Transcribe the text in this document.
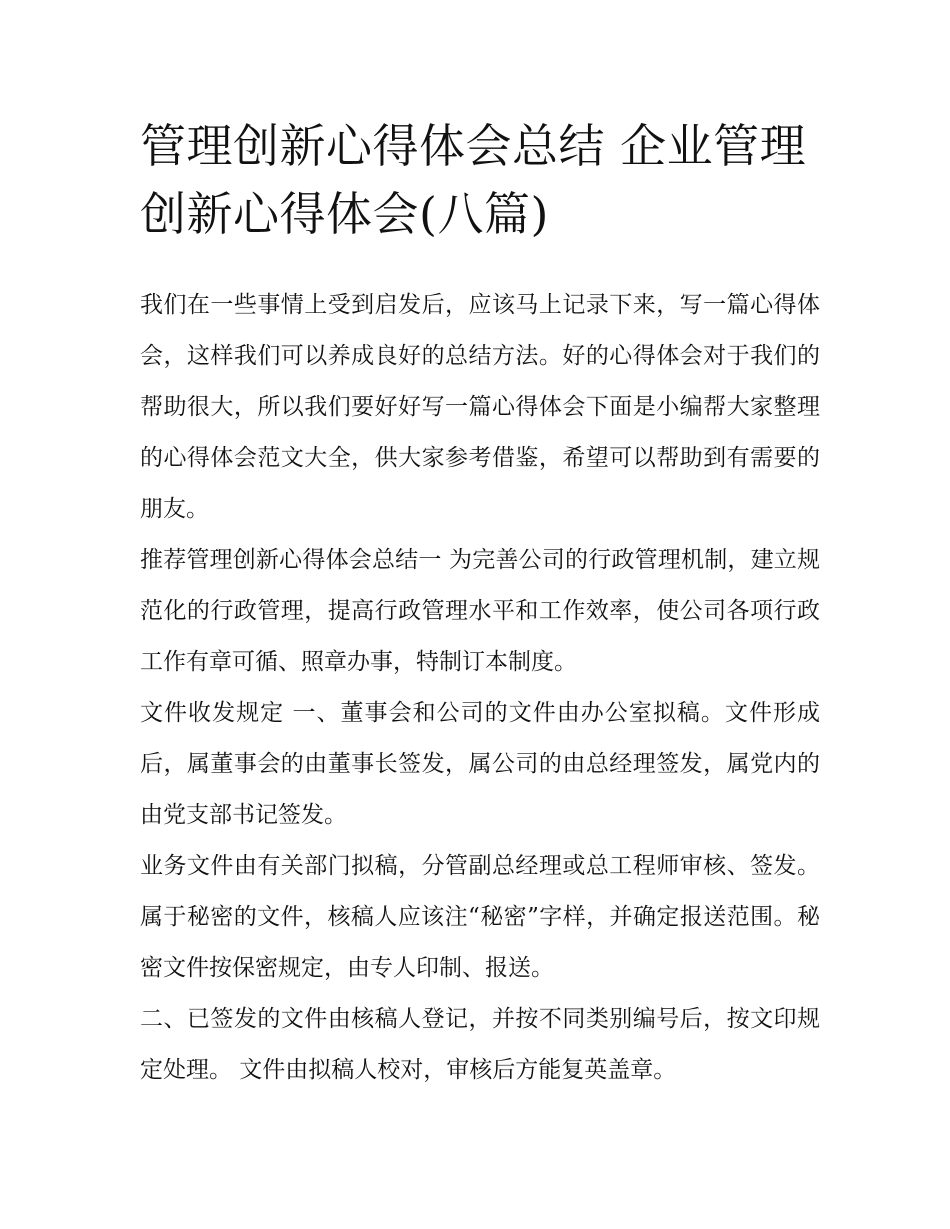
管理创新心得体会总结 企业管理创新心得体会(八篇)

我们在一些事情上受到启发后，应该马上记录下来，写一篇心得体会，这样我们可以养成良好的总结方法。好的心得体会对于我们的帮助很大，所以我们要好好写一篇心得体会下面是小编帮大家整理的心得体会范文大全，供大家参考借鉴，希望可以帮助到有需要的朋友。

推荐管理创新心得体会总结一 为完善公司的行政管理机制，建立规范化的行政管理，提高行政管理水平和工作效率，使公司各项行政工作有章可循、照章办事，特制订本制度。

文件收发规定 一、董事会和公司的文件由办公室拟稿。文件形成后，属董事会的由董事长签发，属公司的由总经理签发，属党内的由党支部书记签发。

业务文件由有关部门拟稿，分管副总经理或总工程师审核、签发。 属于秘密的文件，核稿人应该注“秘密”字样，并确定报送范围。秘密文件按保密规定，由专人印制、报送。

二、已签发的文件由核稿人登记，并按不同类别编号后，按文印规定处理。 文件由拟稿人校对，审核后方能复英盖章。
